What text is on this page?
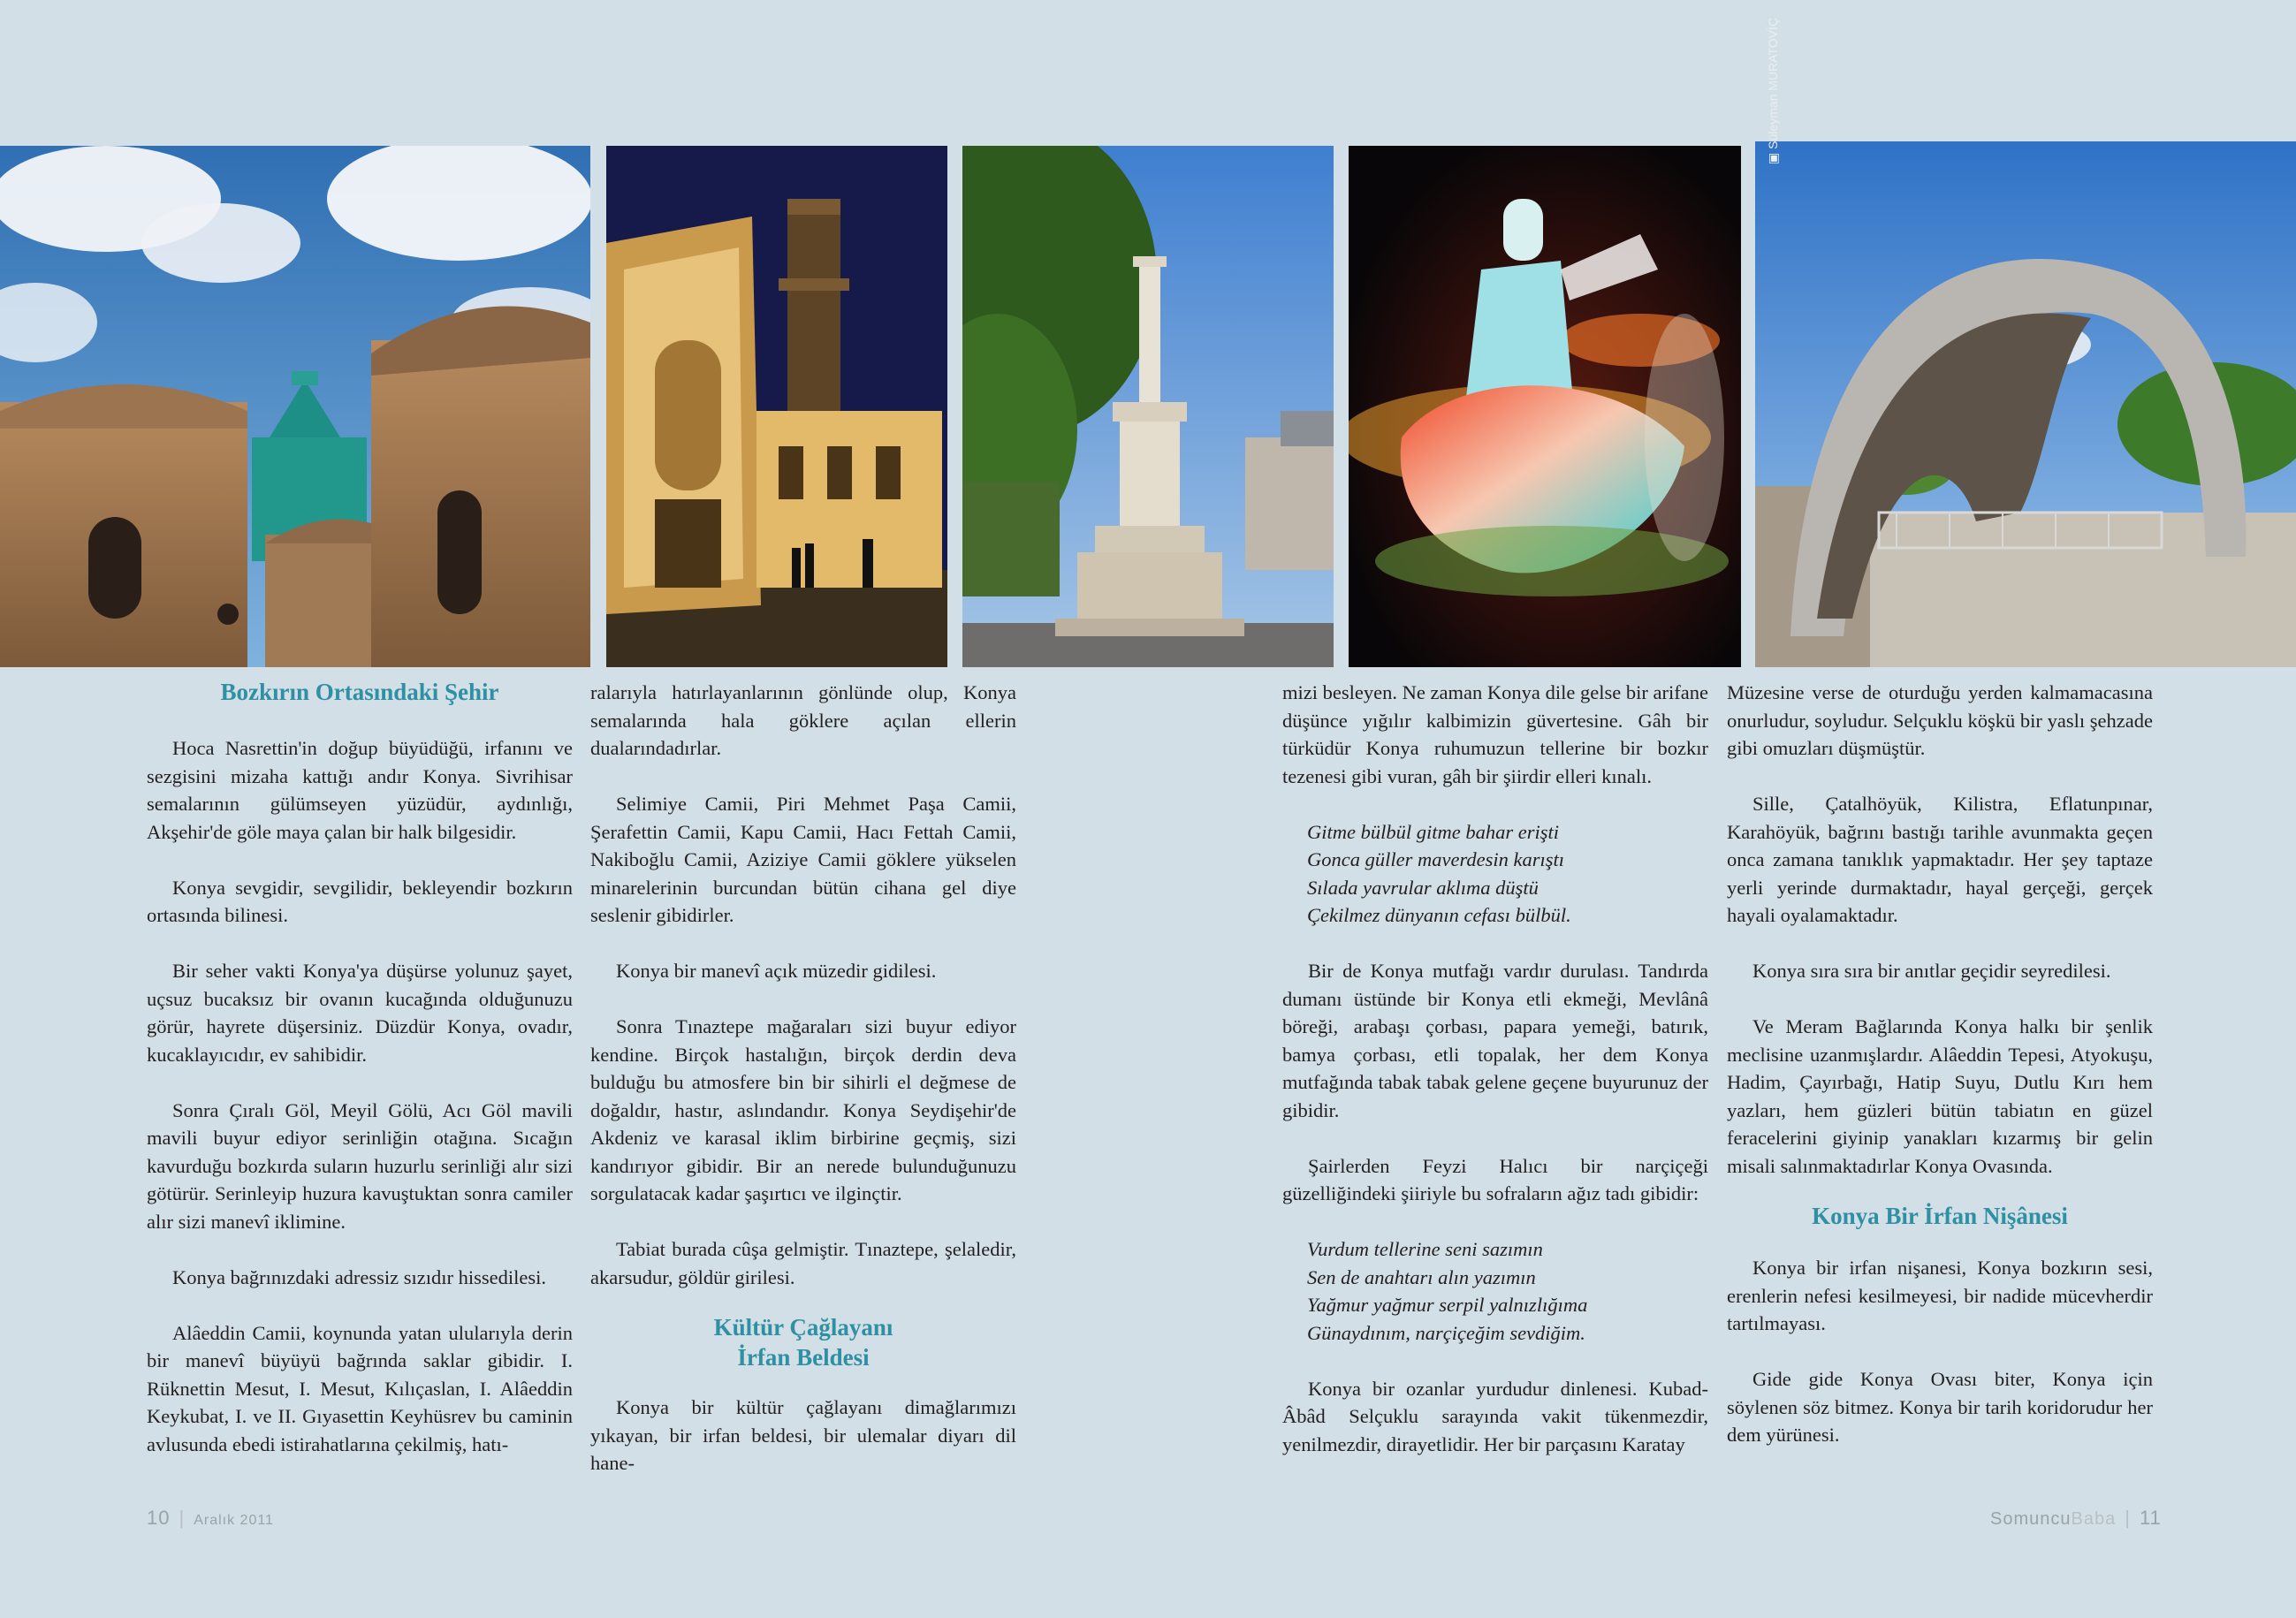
▣ Süleyman MURATOVİÇ
Bozkırın Ortasındaki Şehir

Hoca Nasrettin'in doğup büyüdüğü, irfanını ve sezgisini mizaha kattığı andır Konya. Sivrihisar semalarının gülümseyen yüzüdür, aydınlığı, Akşehir'de göle maya çalan bir halk bilgesidir.

Konya sevgidir, sevgilidir, bekleyendir bozkırın ortasında bilinesi.

Bir seher vakti Konya'ya düşürse yolunuz şayet, uçsuz bucaksız bir ovanın kucağında olduğunuzu görür, hayrete düşersiniz. Düzdür Konya, ovadır, kucaklayıcıdır, ev sahibidir.

Sonra Çıralı Göl, Meyil Gölü, Acı Göl mavili mavili buyur ediyor serinliğin otağına. Sıcağın kavurduğu bozkırda suların huzurlu serinliği alır sizi götürür. Serinleyip huzura kavuştuktan sonra camiler alır sizi manevî iklimine.

Konya bağrınızdaki adressiz sızıdır hissedilesi.

Alâeddin Camii, koynunda yatan ulularıyla derin bir manevî büyüyü bağrında saklar gibidir. I. Rüknettin Mesut, I. Mesut, Kılıçaslan, I. Alâeddin Keykubat, I. ve II. Gıyasettin Keyhüsrev bu caminin avlusunda ebedi istirahatlarına çekilmiş, hatı-

ralarıyla hatırlayanlarının gönlünde olup, Konya semalarında hala göklere açılan ellerin dualarındadırlar.

Selimiye Camii, Piri Mehmet Paşa Camii, Şerafettin Camii, Kapu Camii, Hacı Fettah Camii, Nakiboğlu Camii, Aziziye Camii göklere yükselen minarelerinin burcundan bütün cihana gel diye seslenir gibidirler.

Konya bir manevî açık müzedir gidilesi.

Sonra Tınaztepe mağaraları sizi buyur ediyor kendine. Birçok hastalığın, birçok derdin deva bulduğu bu atmosfere bin bir sihirli el değmese de doğaldır, hastır, aslındandır. Konya Seydişehir'de Akdeniz ve karasal iklim birbirine geçmiş, sizi kandırıyor gibidir. Bir an nerede bulunduğunuzu sorgulatacak kadar şaşırtıcı ve ilginçtir.

Tabiat burada cûşa gelmiştir. Tınaztepe, şelaledir, akarsudur, göldür girilesi.

Kültür Çağlayanı
İrfan Beldesi

Konya bir kültür çağlayanı dimağlarımızı yıkayan, bir irfan beldesi, bir ulemalar diyarı dil hane-

mizi besleyen. Ne zaman Konya dile gelse bir arifane düşünce yığılır kalbimizin güvertesine. Gâh bir türküdür Konya ruhumuzun tellerine bir bozkır tezenesi gibi vuran, gâh bir şiirdir elleri kınalı.

Gitme bülbül gitme bahar erişti
Gonca güller maverdesin karıştı
Sılada yavrular aklıma düştü
Çekilmez dünyanın cefası bülbül.

Bir de Konya mutfağı vardır durulası. Tandırda dumanı üstünde bir Konya etli ekmeği, Mevlânâ böreği, arabaşı çorbası, papara yemeği, batırık, bamya çorbası, etli topalak, her dem Konya mutfağında tabak tabak gelene geçene buyurunuz der gibidir.

Şairlerden Feyzi Halıcı bir narçiçeği güzelliğindeki şiiriyle bu sofraların ağız tadı gibidir:

Vurdum tellerine seni sazımın
Sen de anahtarı alın yazımın
Yağmur yağmur serpil yalnızlığıma
Günaydınım, narçiçeğim sevdiğim.

Konya bir ozanlar yurdudur dinlenesi. Kubad-Âbâd Selçuklu sarayında vakit tükenmezdir, yenilmezdir, dirayetlidir. Her bir parçasını Karatay

Müzesine verse de oturduğu yerden kalmamacasına onurludur, soyludur. Selçuklu köşkü bir yaslı şehzade gibi omuzları düşmüştür.

Sille, Çatalhöyük, Kilistra, Eflatunpınar, Karahöyük, bağrını bastığı tarihle avunmakta geçen onca zamana tanıklık yapmaktadır. Her şey taptaze yerli yerinde durmaktadır, hayal gerçeği, gerçek hayali oyalamaktadır.

Konya sıra sıra bir anıtlar geçidir seyredilesi.

Ve Meram Bağlarında Konya halkı bir şenlik meclisine uzanmışlardır. Alâeddin Tepesi, Atyokuşu, Hadim, Çayırbağı, Hatip Suyu, Dutlu Kırı hem yazları, hem güzleri bütün tabiatın en güzel feracelerini giyinip yanakları kızarmış bir gelin misali salınmaktadırlar Konya Ovasında.

Konya Bir İrfan Nişânesi

Konya bir irfan nişanesi, Konya bozkırın sesi, erenlerin nefesi kesilmeyesi, bir nadide mücevherdir tartılmayası.

Gide gide Konya Ovası biter, Konya için söylenen söz bitmez. Konya bir tarih koridorudur her dem yürünesi.

10 | Aralık 2011	SomuncuBaba | 11
